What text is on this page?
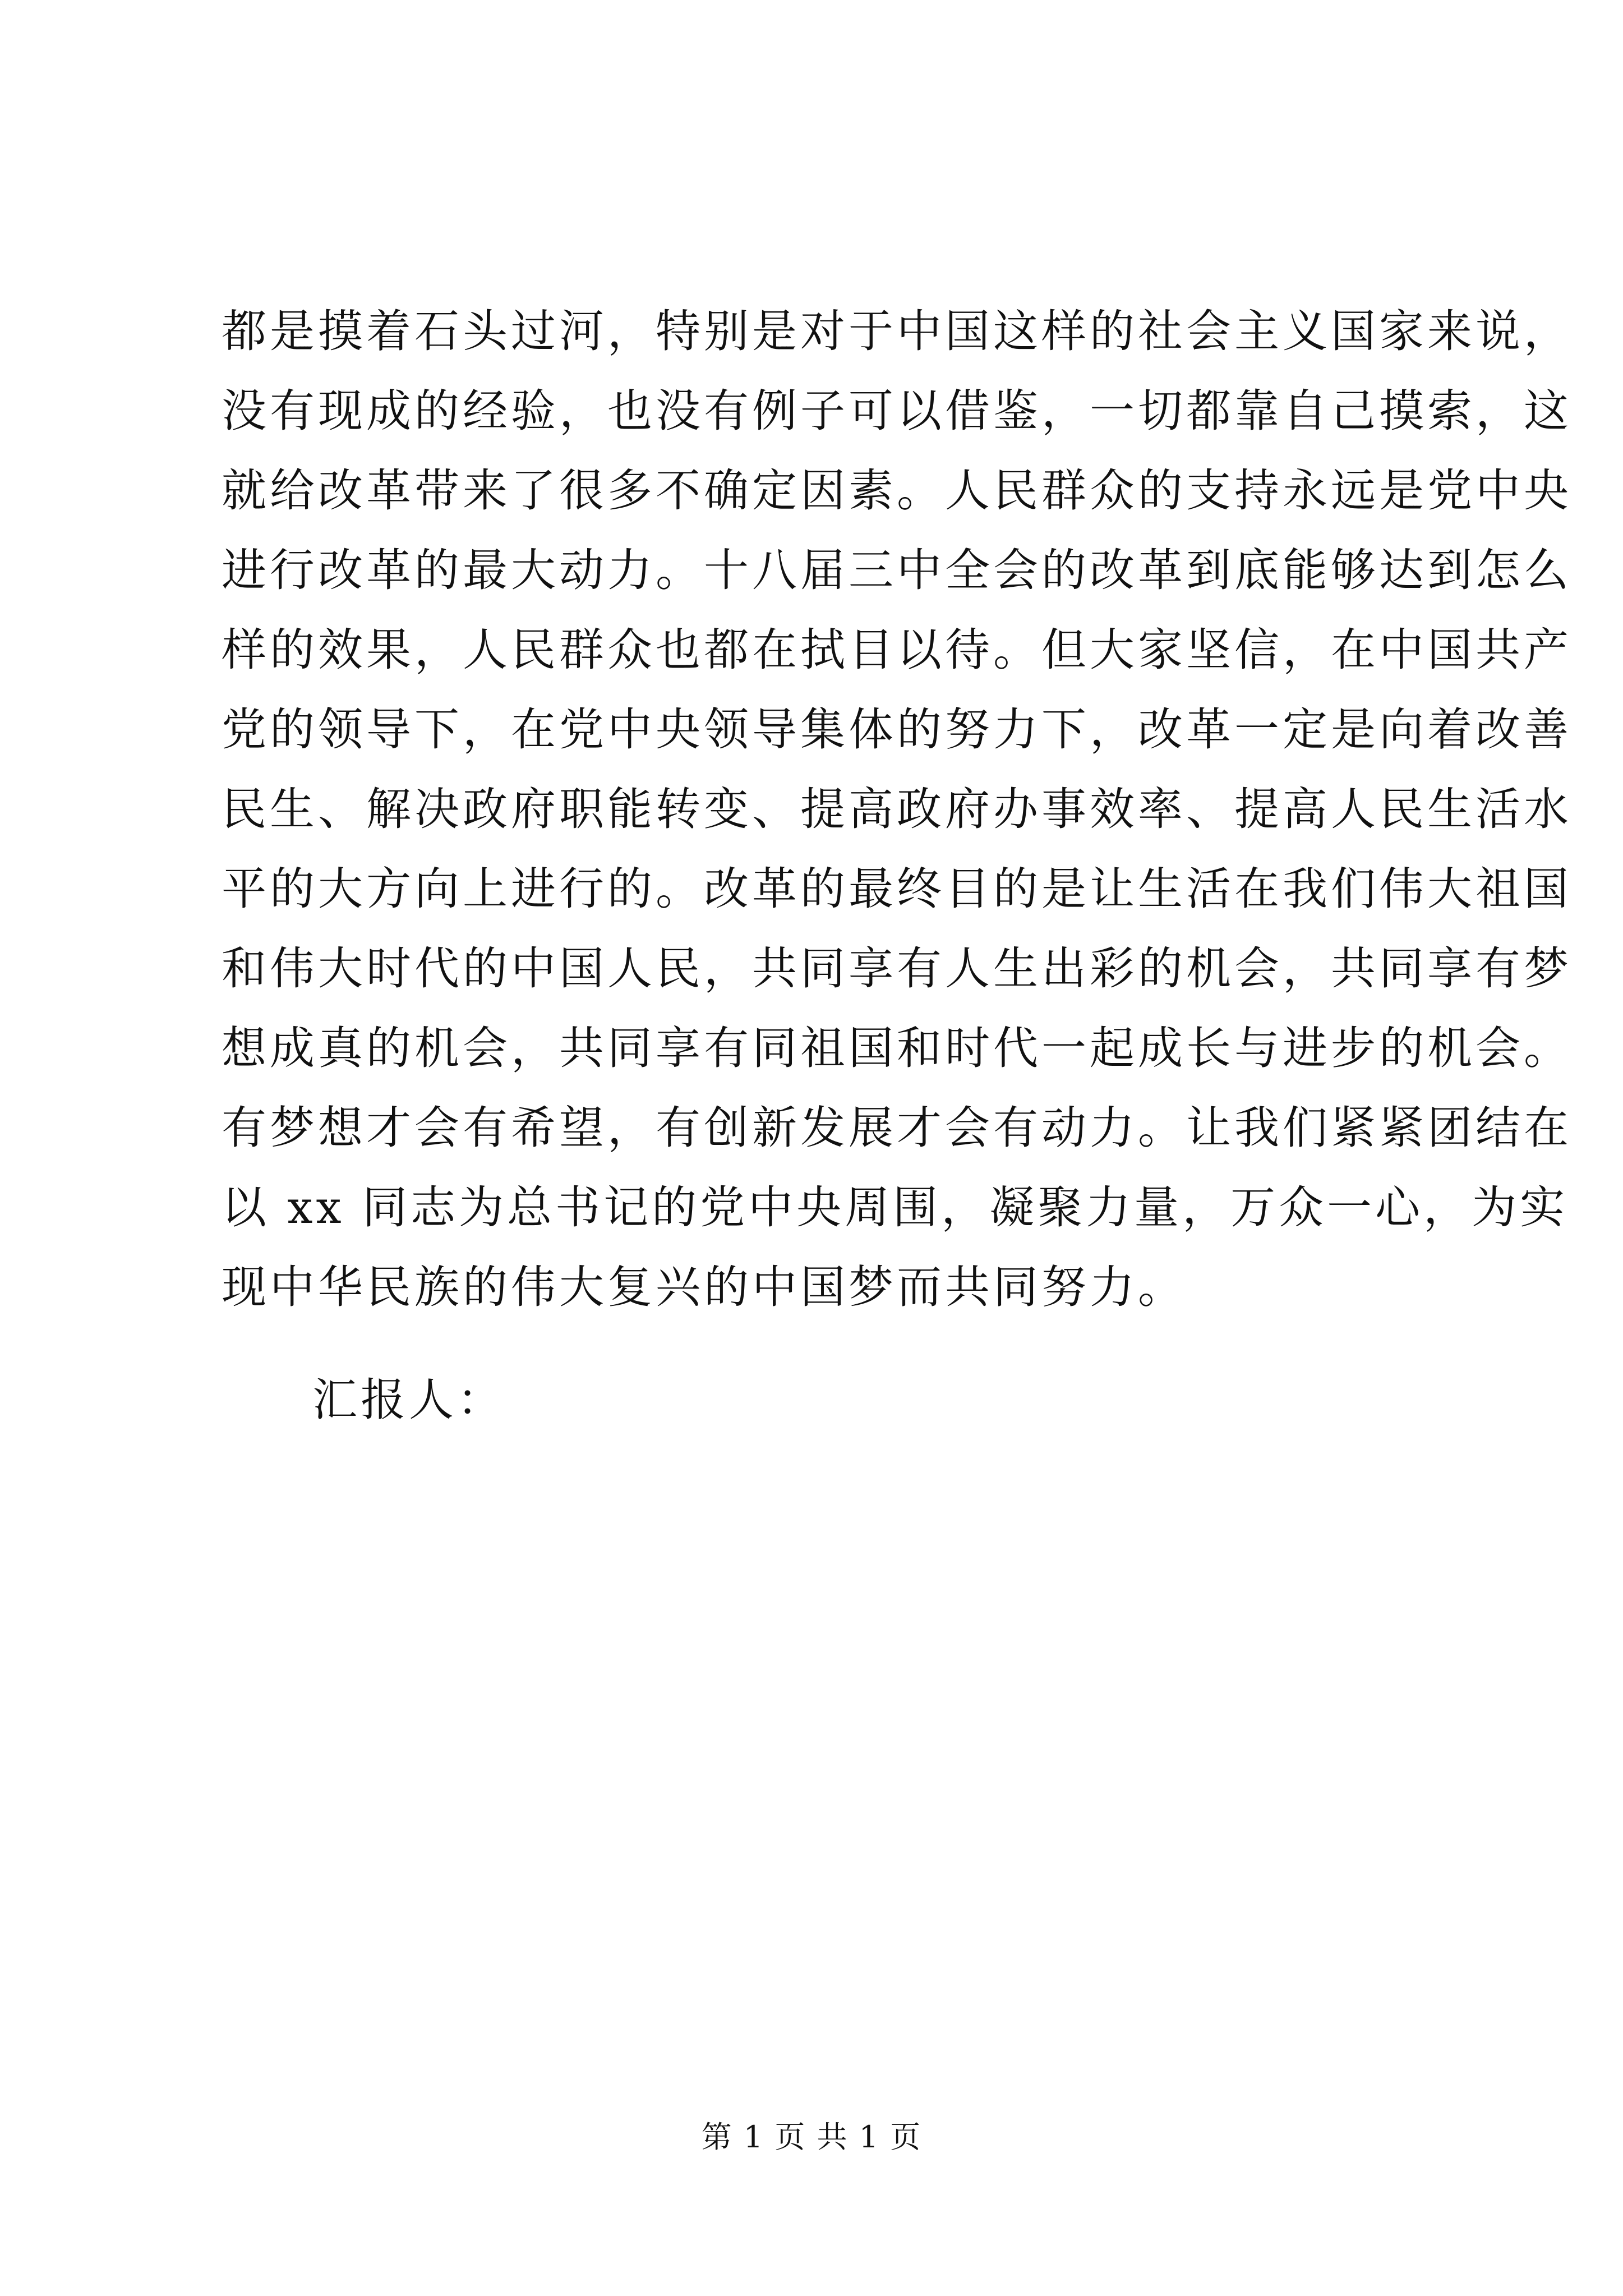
都是摸着石头过河，特别是对于中国这样的社会主义国家来说，
没有现成的经验，也没有例子可以借鉴，一切都靠自己摸索，这
就给改革带来了很多不确定因素。人民群众的支持永远是党中央
进行改革的最大动力。十八届三中全会的改革到底能够达到怎么
样的效果，人民群众也都在拭目以待。但大家坚信，在中国共产
党的领导下，在党中央领导集体的努力下，改革一定是向着改善
民生、解决政府职能转变、提高政府办事效率、提高人民生活水
平的大方向上进行的。改革的最终目的是让生活在我们伟大祖国
和伟大时代的中国人民，共同享有人生出彩的机会，共同享有梦
想成真的机会，共同享有同祖国和时代一起成长与进步的机会。
有梦想才会有希望，有创新发展才会有动力。让我们紧紧团结在
以 xx 同志为总书记的党中央周围，凝聚力量，万众一心，为实
现中华民族的伟大复兴的中国梦而共同努力。
汇报人：
第 1 页 共 1 页
